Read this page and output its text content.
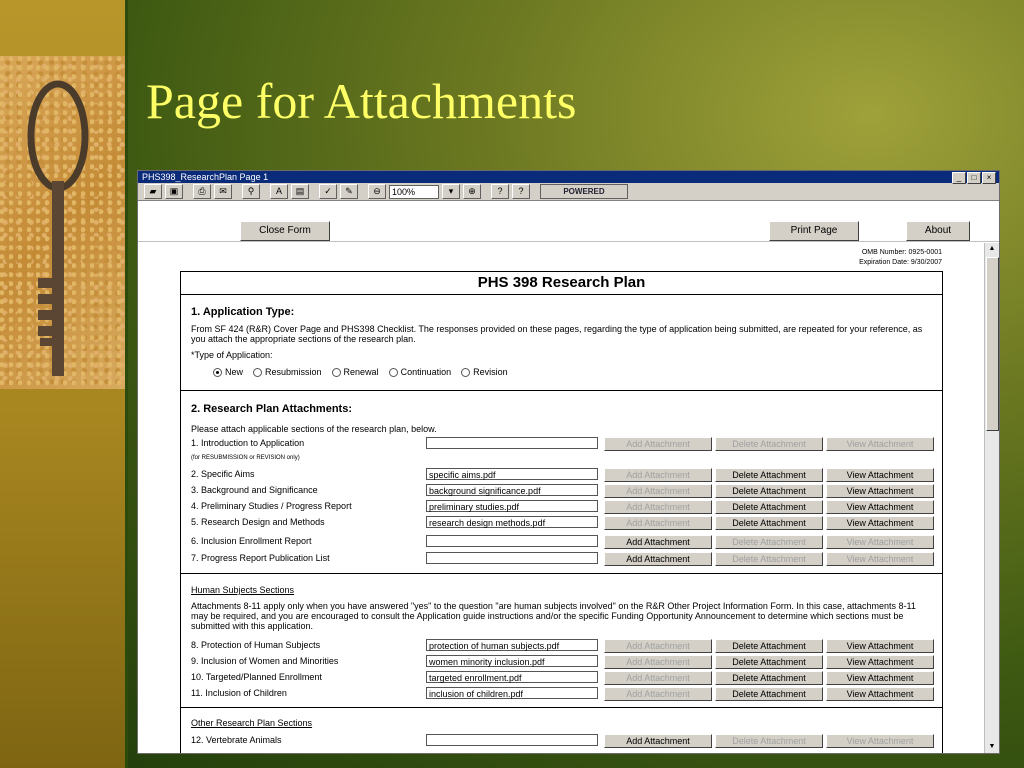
Page for Attachments
PHS398_ResearchPlan Page 1	_	□	×
▰	▣	⎙	✉	⚲	A	▤	✓	✎	⊖	100%	▾	⊕	?	?	POWERED
Close Form	Print Page	About
OMB Number: 0925-0001
Expiration Date: 9/30/2007
PHS 398 Research Plan
1. Application Type:
From SF 424 (R&R) Cover Page and PHS398 Checklist. The responses provided on these pages, regarding the type of application being submitted, are repeated for your reference, as you attach the appropriate sections of the research plan.
*Type of Application:
New Resubmission Renewal Continuation Revision
2. Research Plan Attachments:
Please attach applicable sections of the research plan, below.
1. Introduction to Application	Add Attachment	Delete Attachment	View Attachment
(for RESUBMISSION or REVISION only)
2. Specific Aims	specific aims.pdf	Add Attachment	Delete Attachment	View Attachment
3. Background and Significance	background significance.pdf	Add Attachment	Delete Attachment	View Attachment
4. Preliminary Studies / Progress Report	preliminary studies.pdf	Add Attachment	Delete Attachment	View Attachment
5. Research Design and Methods	research design methods.pdf	Add Attachment	Delete Attachment	View Attachment
6. Inclusion Enrollment Report	Add Attachment	Delete Attachment	View Attachment
7. Progress Report Publication List	Add Attachment	Delete Attachment	View Attachment
Human Subjects Sections
Attachments 8-11 apply only when you have answered "yes" to the question "are human subjects involved" on the R&R Other Project Information Form. In this case, attachments 8-11 may be required, and you are encouraged to consult the Application guide instructions and/or the specific Funding Opportunity Announcement to determine which sections must be submitted with this application.
8. Protection of Human Subjects	protection of human subjects.pdf	Add Attachment	Delete Attachment	View Attachment
9. Inclusion of Women and Minorities	women minority inclusion.pdf	Add Attachment	Delete Attachment	View Attachment
10. Targeted/Planned Enrollment	targeted enrollment.pdf	Add Attachment	Delete Attachment	View Attachment
11. Inclusion of Children	inclusion of children.pdf	Add Attachment	Delete Attachment	View Attachment
Other Research Plan Sections
12. Vertebrate Animals	Add Attachment	Delete Attachment	View Attachment
▲
▼
